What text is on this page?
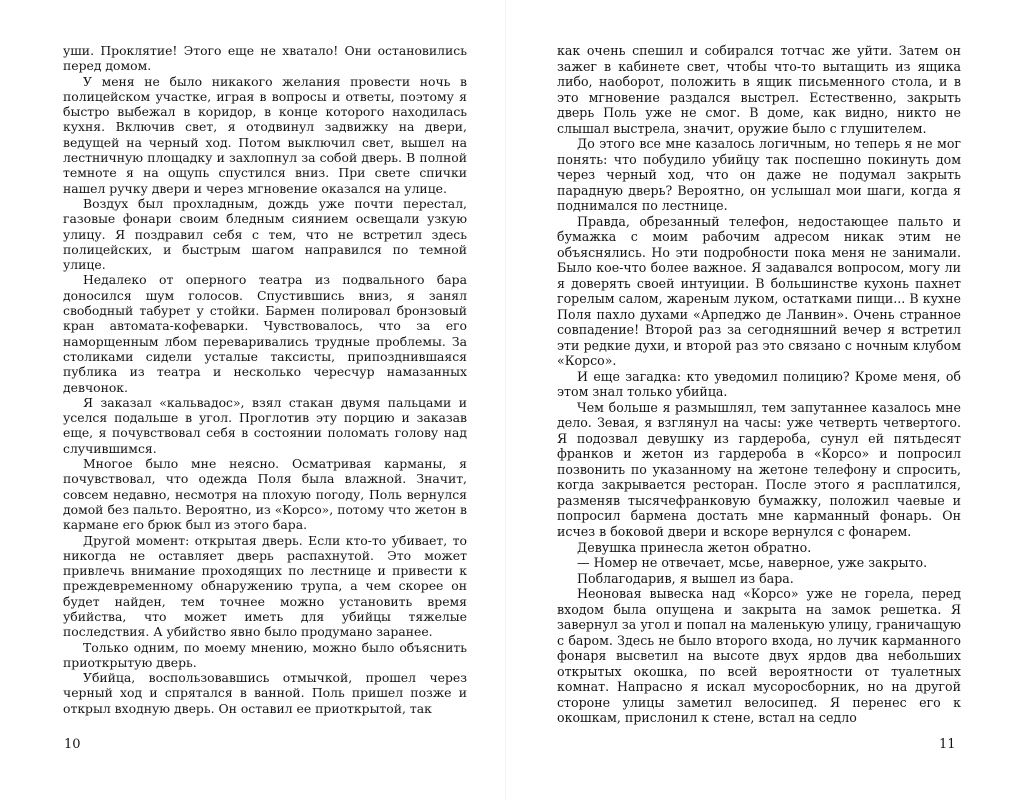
уши. Проклятие! Этого еще не хватало! Они остановились перед домом.

У меня не было никакого желания провести ночь в полицейском участке, играя в вопросы и ответы, поэтому я быстро выбежал в коридор, в конце которого находилась кухня. Включив свет, я отодвинул задвижку на двери, ведущей на черный ход. Потом выключил свет, вышел на лестничную площадку и захлопнул за собой дверь. В полной темноте я на ощупь спустился вниз. При свете спички нашел ручку двери и через мгновение оказался на улице.

Воздух был прохладным, дождь уже почти перестал, газовые фонари своим бледным сиянием освещали узкую улицу. Я поздравил себя с тем, что не встретил здесь полицейских, и быстрым шагом направился по темной улице.

Недалеко от оперного театра из подвального бара доносился шум голосов. Спустившись вниз, я занял свободный табурет у стойки. Бармен полировал бронзовый кран автомата-кофеварки. Чувствовалось, что за его наморщенным лбом переваривались трудные проблемы. За столиками сидели усталые таксисты, припозднившаяся публика из театра и несколько чересчур намазанных девчонок.

Я заказал «кальвадос», взял стакан двумя пальцами и уселся подальше в угол. Проглотив эту порцию и заказав еще, я почувствовал себя в состоянии поломать голову над случившимся.

Многое было мне неясно. Осматривая карманы, я почувствовал, что одежда Поля была влажной. Значит, совсем недавно, несмотря на плохую погоду, Поль вернулся домой без пальто. Вероятно, из «Корсо», потому что жетон в кармане его брюк был из этого бара.

Другой момент: открытая дверь. Если кто-то убивает, то никогда не оставляет дверь распахнутой. Это может привлечь внимание проходящих по лестнице и привести к преждевременному обнаружению трупа, а чем скорее он будет найден, тем точнее можно установить время убийства, что может иметь для убийцы тяжелые последствия. А убийство явно было продумано заранее.

Только одним, по моему мнению, можно было объяснить приоткрытую дверь.

Убийца, воспользовавшись отмычкой, прошел через черный ход и спрятался в ванной. Поль пришел позже и открыл входную дверь. Он оставил ее приоткрытой, так

10

как очень спешил и собирался тотчас же уйти. Затем он зажег в кабинете свет, чтобы что-то вытащить из ящика либо, наоборот, положить в ящик письменного стола, и в это мгновение раздался выстрел. Естественно, закрыть дверь Поль уже не смог. В доме, как видно, никто не слышал выстрела, значит, оружие было с глушителем.

До этого все мне казалось логичным, но теперь я не мог понять: что побудило убийцу так поспешно покинуть дом через черный ход, что он даже не подумал закрыть парадную дверь? Вероятно, он услышал мои шаги, когда я поднимался по лестнице.

Правда, обрезанный телефон, недостающее пальто и бумажка с моим рабочим адресом никак этим не объяснялись. Но эти подробности пока меня не занимали. Было кое-что более важное. Я задавался вопросом, могу ли я доверять своей интуиции. В большинстве кухонь пахнет горелым салом, жареным луком, остатками пищи... В кухне Поля пахло духами «Арпеджо де Ланвин». Очень странное совпадение! Второй раз за сегодняшний вечер я встретил эти редкие духи, и второй раз это связано с ночным клубом «Корсо».

И еще загадка: кто уведомил полицию? Кроме меня, об этом знал только убийца.

Чем больше я размышлял, тем запутаннее казалось мне дело. Зевая, я взглянул на часы: уже четверть четвертого. Я подозвал девушку из гардероба, сунул ей пятьдесят франков и жетон из гардероба в «Корсо» и попросил позвонить по указанному на жетоне телефону и спросить, когда закрывается ресторан. После этого я расплатился, разменяв тысячефранковую бумажку, положил чаевые и попросил бармена достать мне карманный фонарь. Он исчез в боковой двери и вскоре вернулся с фонарем.

Девушка принесла жетон обратно.

— Номер не отвечает, мсье, наверное, уже закрыто.

Поблагодарив, я вышел из бара.

Неоновая вывеска над «Корсо» уже не горела, перед входом была опущена и закрыта на замок решетка. Я завернул за угол и попал на маленькую улицу, граничащую с баром. Здесь не было второго входа, но лучик карманного фонаря высветил на высоте двух ярдов два небольших открытых окошка, по всей вероятности от туалетных комнат. Напрасно я искал мусоросборник, но на другой стороне улицы заметил велосипед. Я перенес его к окошкам, прислонил к стене, встал на седло

11
